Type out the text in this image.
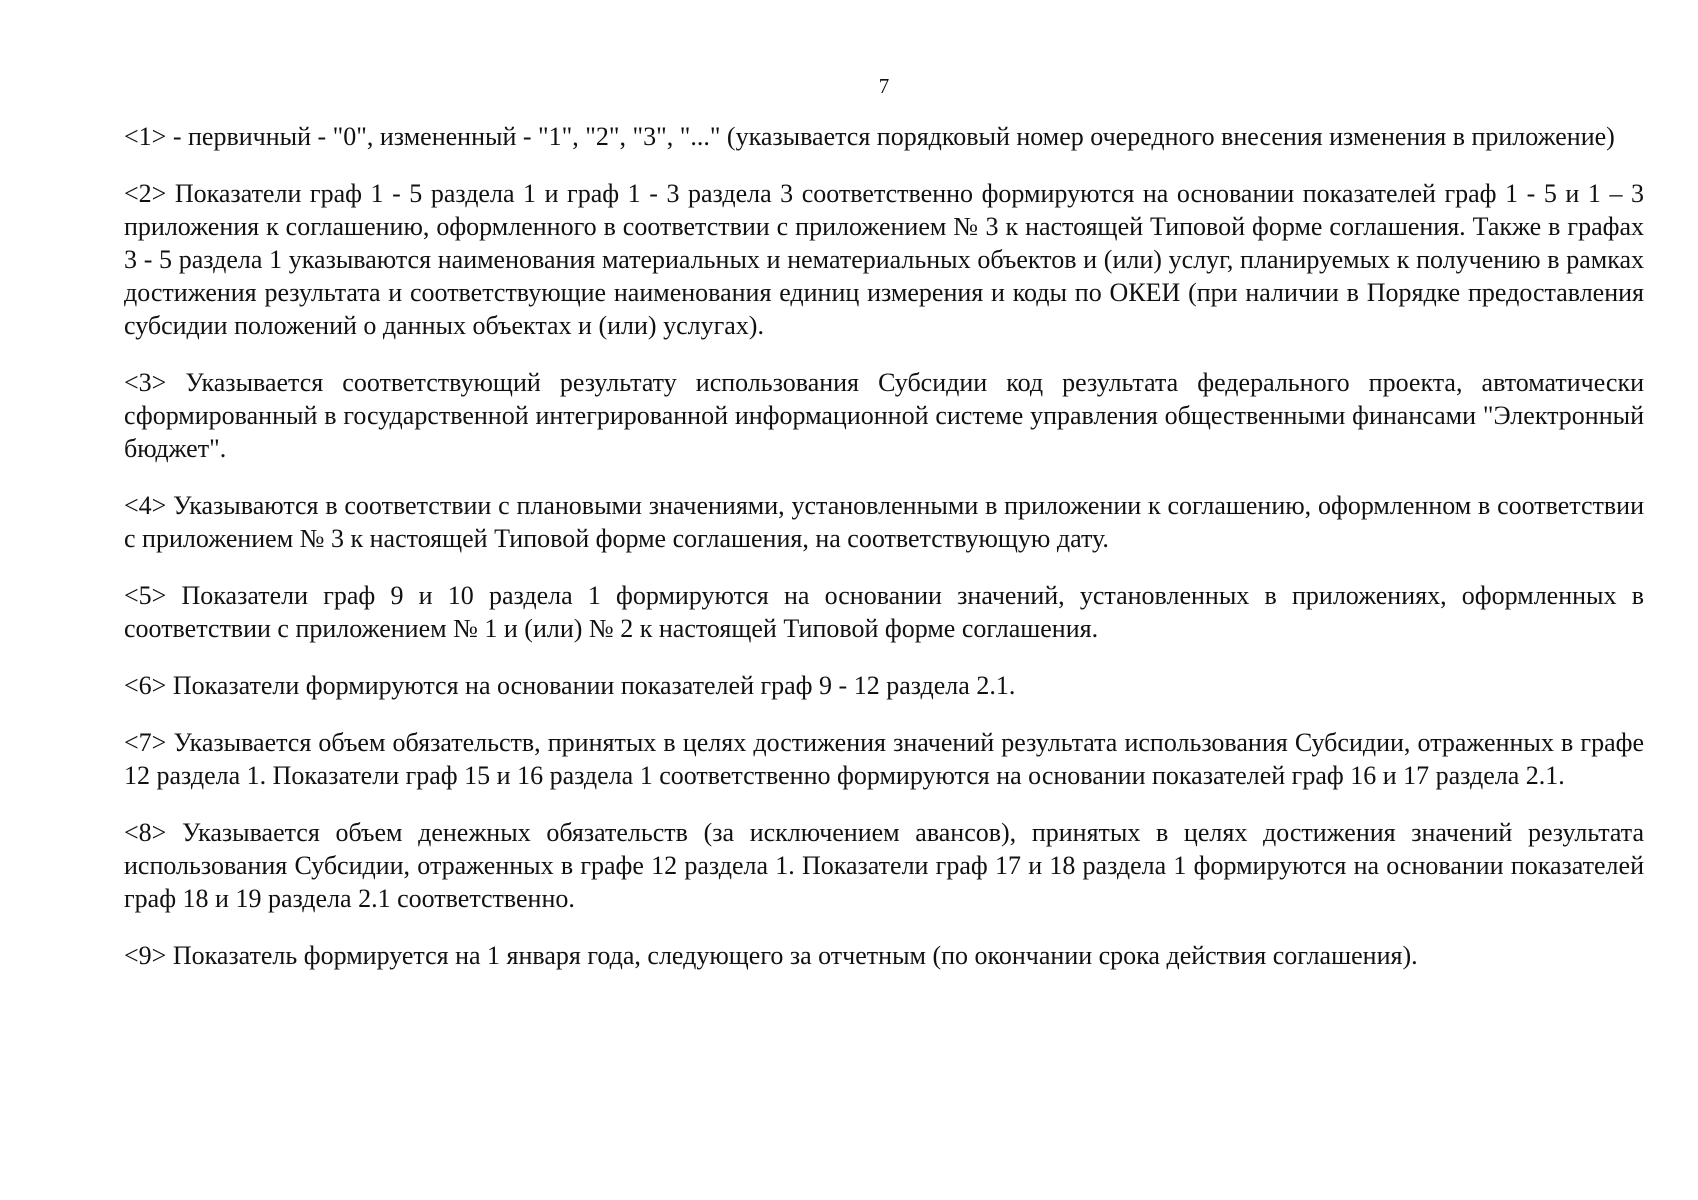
7

<1> - первичный - "0", измененный - "1", "2", "3", "..." (указывается порядковый номер очередного внесения изменения в приложение)

<2> Показатели граф 1 - 5 раздела 1 и граф 1 - 3 раздела 3 соответственно формируются на основании показателей граф 1 - 5 и 1 – 3 приложения к соглашению, оформленного в соответствии с приложением № 3 к настоящей Типовой форме соглашения. Также в графах 3 - 5 раздела 1 указываются наименования материальных и нематериальных объектов и (или) услуг, планируемых к получению в рамках достижения результата и соответствующие наименования единиц измерения и коды по ОКЕИ (при наличии в Порядке предоставления субсидии положений о данных объектах и (или) услугах).

<3> Указывается соответствующий результату использования Субсидии код результата федерального проекта, автоматически сформированный в государственной интегрированной информационной системе управления общественными финансами "Электронный бюджет".

<4> Указываются в соответствии с плановыми значениями, установленными в приложении к соглашению, оформленном в соответствии с приложением № 3 к настоящей Типовой форме соглашения, на соответствующую дату.

<5> Показатели граф 9 и 10 раздела 1 формируются на основании значений, установленных в приложениях, оформленных в соответствии с приложением № 1 и (или) № 2 к настоящей Типовой форме соглашения.

<6> Показатели формируются на основании показателей граф 9 - 12 раздела 2.1.

<7> Указывается объем обязательств, принятых в целях достижения значений результата использования Субсидии, отраженных в графе 12 раздела 1. Показатели граф 15 и 16 раздела 1 соответственно формируются на основании показателей граф 16 и 17 раздела 2.1.

<8> Указывается объем денежных обязательств (за исключением авансов), принятых в целях достижения значений результата использования Субсидии, отраженных в графе 12 раздела 1. Показатели граф 17 и 18 раздела 1 формируются на основании показателей граф 18 и 19 раздела 2.1 соответственно.

<9> Показатель формируется на 1 января года, следующего за отчетным (по окончании срока действия соглашения).
